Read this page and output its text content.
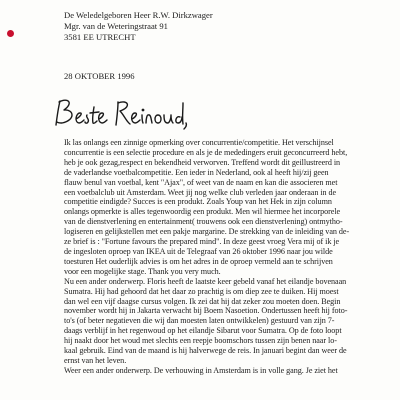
De Weledelgeboren Heer R.W. Dirkzwager
Mgr. van de Weteringstraat 91
3581 EE UTRECHT
28 OKTOBER 1996
Ik las onlangs een zinnige opmerking over concurrentie/competitie. Het verschijnsel
concurrentie is een selectie procedure en als je de mededingers eruit geconcurreerd hebt,
heb je ook gezag,respect en bekendheid verworven. Treffend wordt dit geillustreerd in
de vaderlandse voetbalcompetitie. Een ieder in Nederland, ook al heeft hij/zij geen
flauw benul van voetbal, kent "Ajax", of weet van de naam en kan die associeren met
een voetbalclub uit Amsterdam. Weet jij nog welke club verleden jaar onderaan in de
competitie eindigde? Succes is een produkt. Zoals Youp van het Hek in zijn column
onlangs opmerkte is alles tegenwoordig een produkt. Men wil hiermee het incorporele
van de dienstverlening en entertainment( trouwens ook een dienstverlening) ontmytho-
logiseren en gelijkstellen met een pakje margarine. De strekking van de inleiding van de-
ze brief is : "Fortune favours the prepared mind". In deze geest vroeg Vera mij of ik je
de ingesloten oproep van IKEA uit de Telegraaf van 26 oktober 1996 naar jou wilde
toesturen Het ouderlijk advies is om het adres in de oproep vermeld aan te schrijven
voor een mogelijke stage. Thank you very much.
Nu een ander onderwerp. Floris heeft de laatste keer gebeld vanaf het eilandje bovenaan
Sumatra. Hij had gehoord dat het daar zo prachtig is om diep zee te duiken. Hij moest
dan wel een vijf daagse cursus volgen. Ik zei dat hij dat zeker zou moeten doen. Begin
november wordt hij in Jakarta verwacht bij Boem Nasoetion. Ondertussen heeft hij foto-
to's (of beter negatieven die wij dan moesten laten ontwikkelen) gestuurd van zijn 7-
daags verblijf in het regenwoud op het eilandje Sibarut voor Sumatra. Op de foto loopt
hij naakt door het woud met slechts een reepje boomschors tussen zijn benen naar lo-
kaal gebruik. Eind van de maand is hij halverwege de reis. In januari begint dan weer de
ernst van het leven.
Weer een ander onderwerp. De verhouwing in Amsterdam is in volle gang. Je ziet het
